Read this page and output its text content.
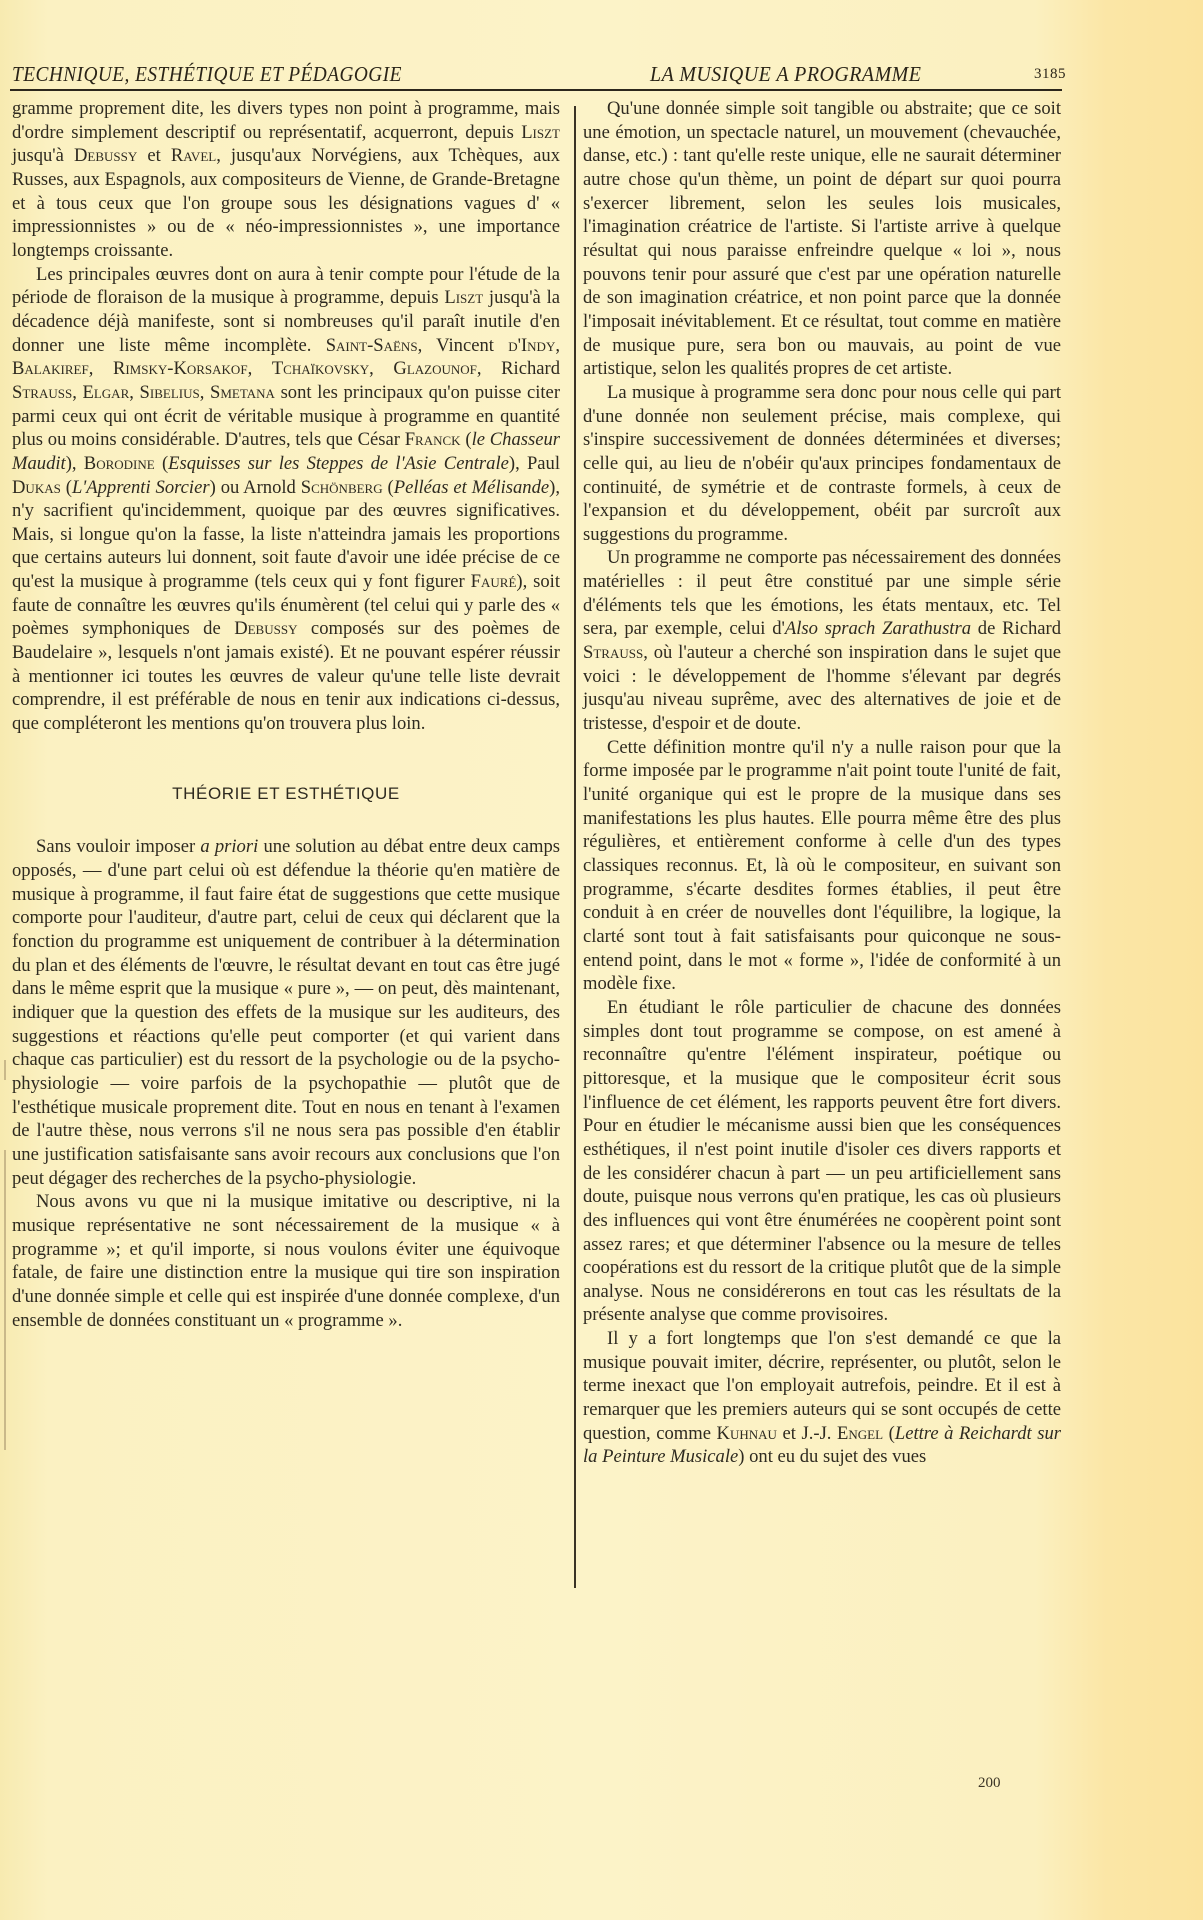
TECHNIQUE, ESTHÉTIQUE ET PÉDAGOGIE	LA MUSIQUE A PROGRAMME	3185

gramme proprement dite, les divers types non point à programme, mais d'ordre simplement descriptif ou représentatif, acquerront, depuis Liszt jusqu'à Debussy et Ravel, jusqu'aux Norvégiens, aux Tchèques, aux Russes, aux Espagnols, aux compositeurs de Vienne, de Grande-Bretagne et à tous ceux que l'on groupe sous les désignations vagues d' « impressionnistes » ou de « néo-impressionnistes », une importance longtemps croissante.

Les principales œuvres dont on aura à tenir compte pour l'étude de la période de floraison de la musique à programme, depuis Liszt jusqu'à la décadence déjà manifeste, sont si nombreuses qu'il paraît inutile d'en donner une liste même incomplète. Saint-Saëns, Vincent d'Indy, Balakiref, Rimsky-Korsakof, Tchaïkovsky, Glazounof, Richard Strauss, Elgar, Sibelius, Smetana sont les principaux qu'on puisse citer parmi ceux qui ont écrit de véritable musique à programme en quantité plus ou moins considérable. D'autres, tels que César Franck (le Chasseur Maudit), Borodine (Esquisses sur les Steppes de l'Asie Centrale), Paul Dukas (L'Apprenti Sorcier) ou Arnold Schönberg (Pelléas et Mélisande), n'y sacrifient qu'incidemment, quoique par des œuvres significatives. Mais, si longue qu'on la fasse, la liste n'atteindra jamais les proportions que certains auteurs lui donnent, soit faute d'avoir une idée précise de ce qu'est la musique à programme (tels ceux qui y font figurer Fauré), soit faute de connaître les œuvres qu'ils énumèrent (tel celui qui y parle des « poèmes symphoniques de Debussy composés sur des poèmes de Baudelaire », lesquels n'ont jamais existé). Et ne pouvant espérer réussir à mentionner ici toutes les œuvres de valeur qu'une telle liste devrait comprendre, il est préférable de nous en tenir aux indications ci-dessus, que compléteront les mentions qu'on trouvera plus loin.

THÉORIE ET ESTHÉTIQUE

Sans vouloir imposer a priori une solution au débat entre deux camps opposés, — d'une part celui où est défendue la théorie qu'en matière de musique à programme, il faut faire état de suggestions que cette musique comporte pour l'auditeur, d'autre part, celui de ceux qui déclarent que la fonction du programme est uniquement de contribuer à la détermination du plan et des éléments de l'œuvre, le résultat devant en tout cas être jugé dans le même esprit que la musique « pure », — on peut, dès maintenant, indiquer que la question des effets de la musique sur les auditeurs, des suggestions et réactions qu'elle peut comporter (et qui varient dans chaque cas particulier) est du ressort de la psychologie ou de la psycho-physiologie — voire parfois de la psychopathie — plutôt que de l'esthétique musicale proprement dite. Tout en nous en tenant à l'examen de l'autre thèse, nous verrons s'il ne nous sera pas possible d'en établir une justification satisfaisante sans avoir recours aux conclusions que l'on peut dégager des recherches de la psycho-physiologie.

Nous avons vu que ni la musique imitative ou descriptive, ni la musique représentative ne sont nécessairement de la musique « à programme »; et qu'il importe, si nous voulons éviter une équivoque fatale, de faire une distinction entre la musique qui tire son inspiration d'une donnée simple et celle qui est inspirée d'une donnée complexe, d'un ensemble de données constituant un « programme ».

Qu'une donnée simple soit tangible ou abstraite; que ce soit une émotion, un spectacle naturel, un mouvement (chevauchée, danse, etc.) : tant qu'elle reste unique, elle ne saurait déterminer autre chose qu'un thème, un point de départ sur quoi pourra s'exercer librement, selon les seules lois musicales, l'imagination créatrice de l'artiste. Si l'artiste arrive à quelque résultat qui nous paraisse enfreindre quelque « loi », nous pouvons tenir pour assuré que c'est par une opération naturelle de son imagination créatrice, et non point parce que la donnée l'imposait inévitablement. Et ce résultat, tout comme en matière de musique pure, sera bon ou mauvais, au point de vue artistique, selon les qualités propres de cet artiste.

La musique à programme sera donc pour nous celle qui part d'une donnée non seulement précise, mais complexe, qui s'inspire successivement de données déterminées et diverses; celle qui, au lieu de n'obéir qu'aux principes fondamentaux de continuité, de symétrie et de contraste formels, à ceux de l'expansion et du développement, obéit par surcroît aux suggestions du programme.

Un programme ne comporte pas nécessairement des données matérielles : il peut être constitué par une simple série d'éléments tels que les émotions, les états mentaux, etc. Tel sera, par exemple, celui d'Also sprach Zarathustra de Richard Strauss, où l'auteur a cherché son inspiration dans le sujet que voici : le développement de l'homme s'élevant par degrés jusqu'au niveau suprême, avec des alternatives de joie et de tristesse, d'espoir et de doute.

Cette définition montre qu'il n'y a nulle raison pour que la forme imposée par le programme n'ait point toute l'unité de fait, l'unité organique qui est le propre de la musique dans ses manifestations les plus hautes. Elle pourra même être des plus régulières, et entièrement conforme à celle d'un des types classiques reconnus. Et, là où le compositeur, en suivant son programme, s'écarte desdites formes établies, il peut être conduit à en créer de nouvelles dont l'équilibre, la logique, la clarté sont tout à fait satisfaisants pour quiconque ne sous-entend point, dans le mot « forme », l'idée de conformité à un modèle fixe.

En étudiant le rôle particulier de chacune des données simples dont tout programme se compose, on est amené à reconnaître qu'entre l'élément inspirateur, poétique ou pittoresque, et la musique que le compositeur écrit sous l'influence de cet élément, les rapports peuvent être fort divers. Pour en étudier le mécanisme aussi bien que les conséquences esthétiques, il n'est point inutile d'isoler ces divers rapports et de les considérer chacun à part — un peu artificiellement sans doute, puisque nous verrons qu'en pratique, les cas où plusieurs des influences qui vont être énumérées ne coopèrent point sont assez rares; et que déterminer l'absence ou la mesure de telles coopérations est du ressort de la critique plutôt que de la simple analyse. Nous ne considérerons en tout cas les résultats de la présente analyse que comme provisoires.

Il y a fort longtemps que l'on s'est demandé ce que la musique pouvait imiter, décrire, représenter, ou plutôt, selon le terme inexact que l'on employait autrefois, peindre. Et il est à remarquer que les premiers auteurs qui se sont occupés de cette question, comme Kuhnau et J.-J. Engel (Lettre à Reichardt sur la Peinture Musicale) ont eu du sujet des vues

200
